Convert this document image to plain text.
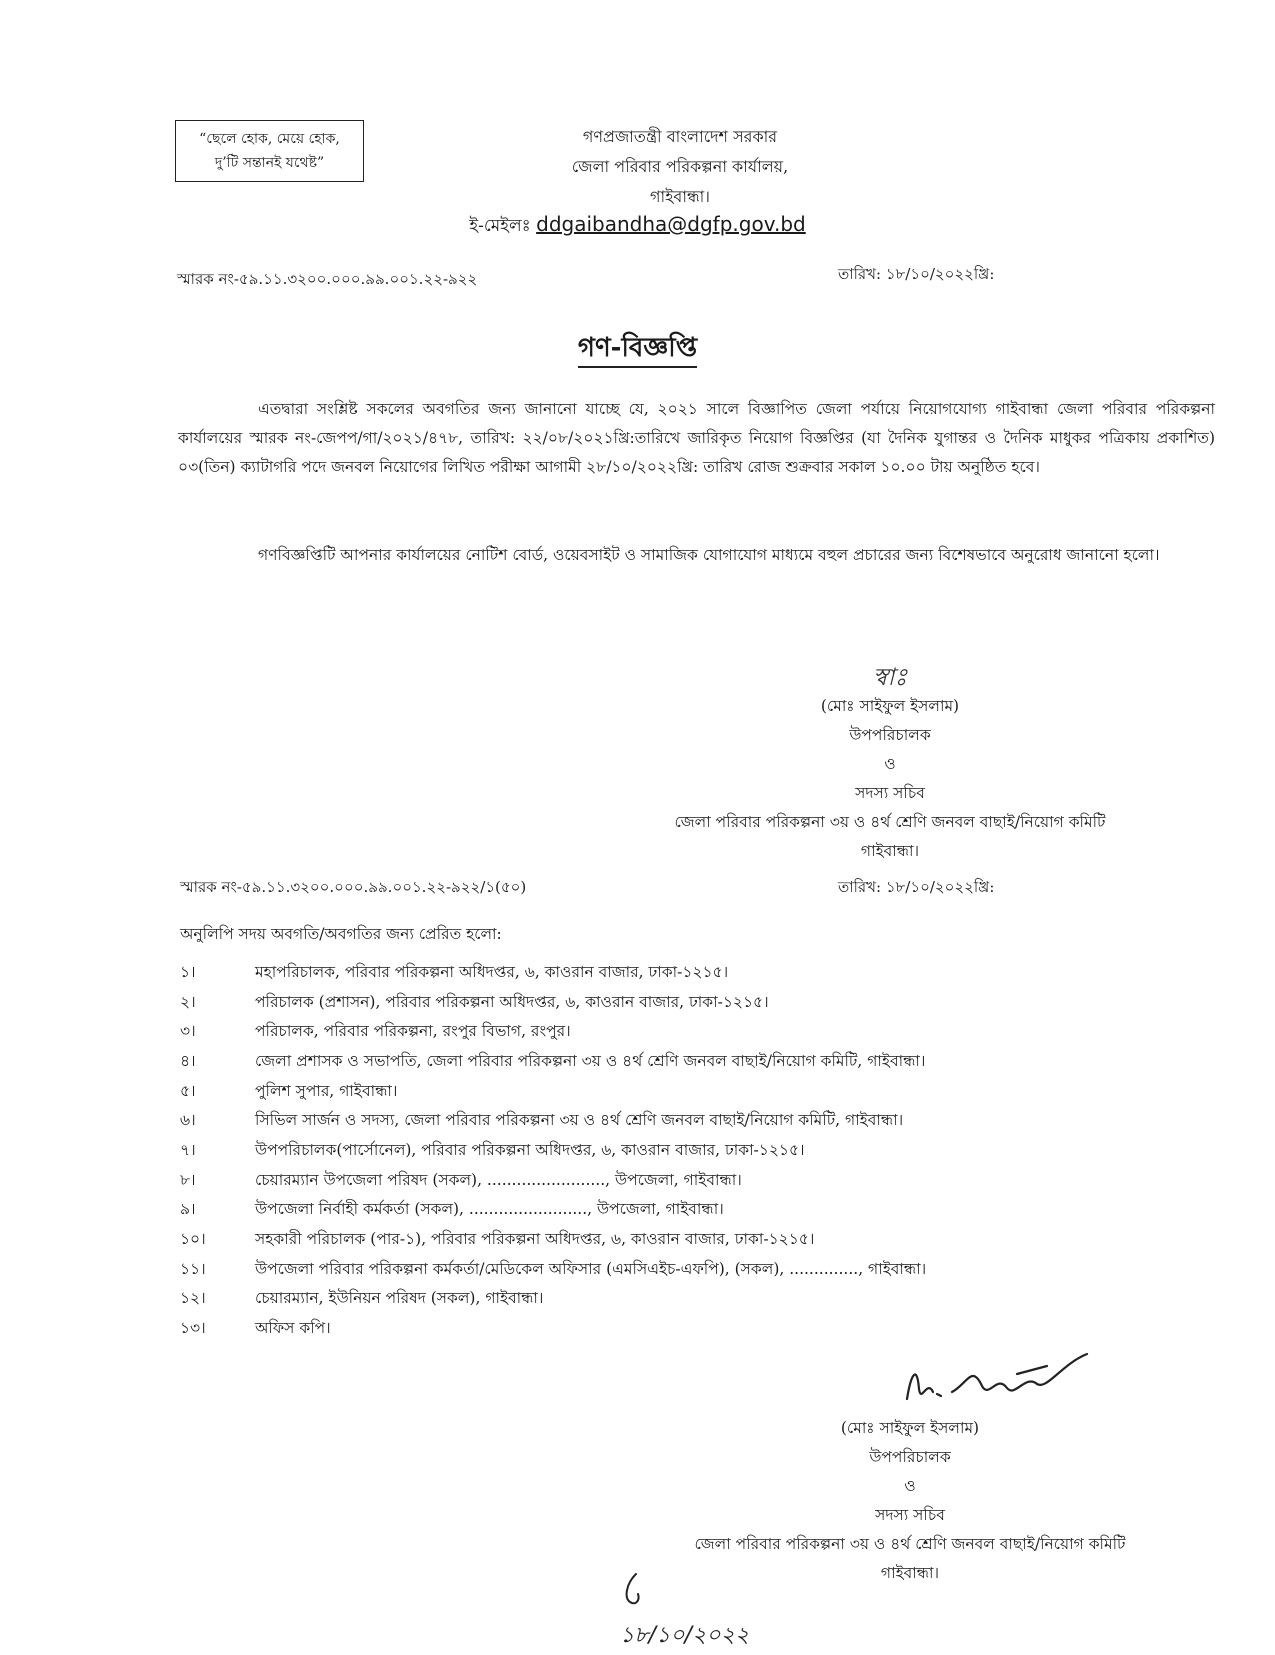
“ছেলে হোক, মেয়ে হোক,
দু’টি সন্তানই যথেষ্ট”
গণপ্রজাতন্ত্রী বাংলাদেশ সরকার
জেলা পরিবার পরিকল্পনা কার্যালয়,
গাইবান্ধা।
ই-মেইলঃ ddgaibandha@dgfp.gov.bd
স্মারক নং-৫৯.১১.৩২০০.০০০.৯৯.০০১.২২-৯২২	তারিখ: ১৮/১০/২০২২খ্রি:
গণ-বিজ্ঞপ্তি
এতদ্বারা সংশ্লিষ্ট সকলের অবগতির জন্য জানানো যাচ্ছে যে, ২০২১ সালে বিজ্ঞাপিত জেলা পর্যায়ে নিয়োগযোগ্য গাইবান্ধা জেলা পরিবার পরিকল্পনা কার্যালয়ের স্মারক নং-জেপপ/গা/২০২১/৪৭৮, তারিখ: ২২/০৮/২০২১খ্রি:তারিখে জারিকৃত নিয়োগ বিজ্ঞপ্তির (যা দৈনিক যুগান্তর ও দৈনিক মাধুকর পত্রিকায় প্রকাশিত) ০৩(তিন) ক্যাটাগরি পদে জনবল নিয়োগের লিখিত পরীক্ষা আগামী ২৮/১০/২০২২খ্রি: তারিখ রোজ শুক্রবার সকাল ১০.০০ টায় অনুষ্ঠিত হবে।
গণবিজ্ঞপ্তিটি আপনার কার্যালয়ের নোটিশ বোর্ড, ওয়েবসাইট ও সামাজিক যোগাযোগ মাধ্যমে বহুল প্রচারের জন্য বিশেষভাবে অনুরোধ জানানো হলো।
স্বাঃ
(মোঃ সাইফুল ইসলাম)
উপপরিচালক
ও
সদস্য সচিব
জেলা পরিবার পরিকল্পনা ৩য় ও ৪র্থ শ্রেণি জনবল বাছাই/নিয়োগ কমিটি
গাইবান্ধা।
স্মারক নং-৫৯.১১.৩২০০.০০০.৯৯.০০১.২২-৯২২/১(৫০)	তারিখ: ১৮/১০/২০২২খ্রি:
অনুলিপি সদয় অবগতি/অবগতির জন্য প্রেরিত হলো:
১।	মহাপরিচালক, পরিবার পরিকল্পনা অধিদপ্তর, ৬, কাওরান বাজার, ঢাকা-১২১৫।
২।	পরিচালক (প্রশাসন), পরিবার পরিকল্পনা অধিদপ্তর, ৬, কাওরান বাজার, ঢাকা-১২১৫।
৩।	পরিচালক, পরিবার পরিকল্পনা, রংপুর বিভাগ, রংপুর।
৪।	জেলা প্রশাসক ও সভাপতি, জেলা পরিবার পরিকল্পনা ৩য় ও ৪র্থ শ্রেণি জনবল বাছাই/নিয়োগ কমিটি, গাইবান্ধা।
৫।	পুলিশ সুপার, গাইবান্ধা।
৬।	সিভিল সার্জন ও সদস্য, জেলা পরিবার পরিকল্পনা ৩য় ও ৪র্থ শ্রেণি জনবল বাছাই/নিয়োগ কমিটি, গাইবান্ধা।
৭।	উপপরিচালক(পার্সোনেল), পরিবার পরিকল্পনা অধিদপ্তর, ৬, কাওরান বাজার, ঢাকা-১২১৫।
৮।	চেয়ারম্যান উপজেলা পরিষদ (সকল), ........................, উপজেলা, গাইবান্ধা।
৯।	উপজেলা নির্বাহী কর্মকর্তা (সকল), ........................, উপজেলা, গাইবান্ধা।
১০।	সহকারী পরিচালক (পার-১), পরিবার পরিকল্পনা অধিদপ্তর, ৬, কাওরান বাজার, ঢাকা-১২১৫।
১১।	উপজেলা পরিবার পরিকল্পনা কর্মকর্তা/মেডিকেল অফিসার (এমসিএইচ-এফপি), (সকল), .............., গাইবান্ধা।
১২।	চেয়ারম্যান, ইউনিয়ন পরিষদ (সকল), গাইবান্ধা।
১৩।	অফিস কপি।
(মোঃ সাইফুল ইসলাম)
উপপরিচালক
ও
সদস্য সচিব
জেলা পরিবার পরিকল্পনা ৩য় ও ৪র্থ শ্রেণি জনবল বাছাই/নিয়োগ কমিটি
গাইবান্ধা।
১৮/১০/২০২২
